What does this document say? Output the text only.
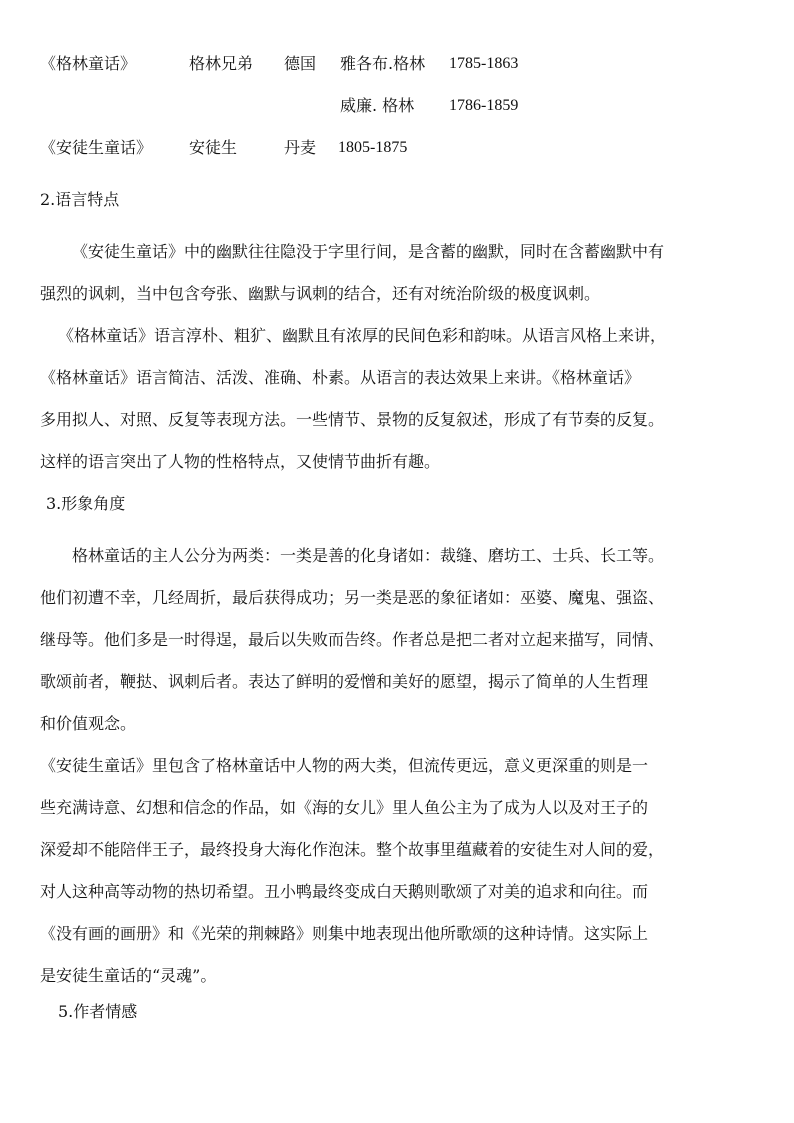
《格林童话》	格林兄弟 德国 雅各布.格林 1785-1863
威廉. 格林 1786-1859
《安徒生童话》 安徒生	丹麦 1805-1875
2.语言特点
《安徒生童话》中的幽默往往隐没于字里行间，是含蓄的幽默，同时在含蓄幽默中有
强烈的讽刺，当中包含夸张、幽默与讽刺的结合，还有对统治阶级的极度讽刺。
《格林童话》语言淳朴、粗犷、幽默且有浓厚的民间色彩和韵味。从语言风格上来讲，
《格林童话》语言简洁、活泼、准确、朴素。从语言的表达效果上来讲。《格林童话》
多用拟人、对照、反复等表现方法。一些情节、景物的反复叙述，形成了有节奏的反复。
这样的语言突出了人物的性格特点，又使情节曲折有趣。
3.形象角度
格林童话的主人公分为两类：一类是善的化身诸如：裁缝、磨坊工、士兵、长工等。
他们初遭不幸，几经周折，最后获得成功；另一类是恶的象征诸如：巫婆、魔鬼、强盗、
继母等。他们多是一时得逞，最后以失败而告终。作者总是把二者对立起来描写，同情、
歌颂前者，鞭挞、讽刺后者。表达了鲜明的爱憎和美好的愿望，揭示了简单的人生哲理
和价值观念。
《安徒生童话》里包含了格林童话中人物的两大类，但流传更远，意义更深重的则是一
些充满诗意、幻想和信念的作品，如《海的女儿》里人鱼公主为了成为人以及对王子的
深爱却不能陪伴王子，最终投身大海化作泡沫。整个故事里蕴藏着的安徒生对人间的爱，
对人这种高等动物的热切希望。丑小鸭最终变成白天鹅则歌颂了对美的追求和向往。而
《没有画的画册》和《光荣的荆棘路》则集中地表现出他所歌颂的这种诗情。这实际上
是安徒生童话的“灵魂”。
5.作者情感
